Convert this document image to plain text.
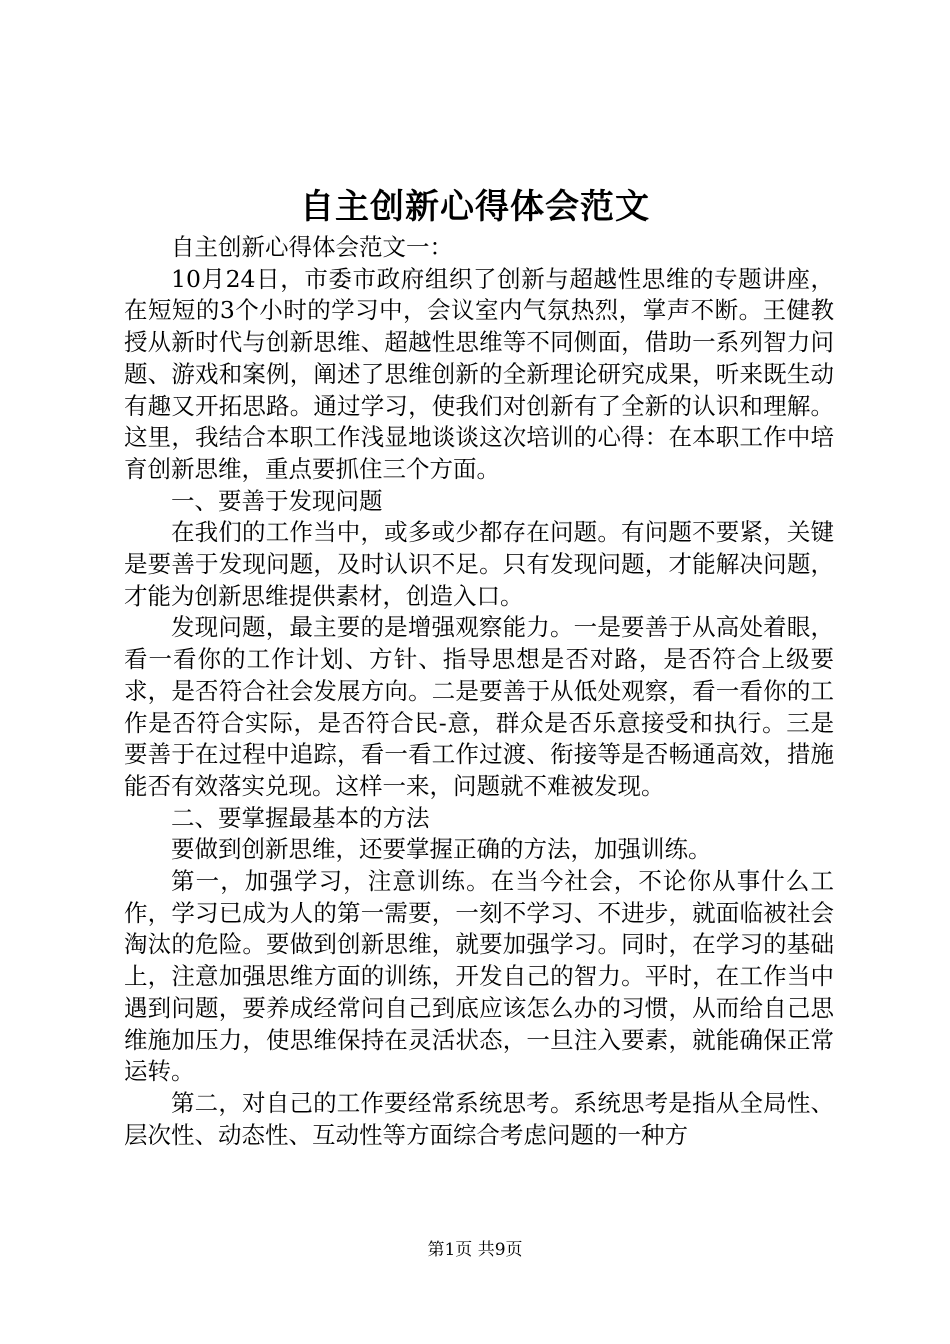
自主创新心得体会范文

自主创新心得体会范文一：

10月24日，市委市政府组织了创新与超越性思维的专题讲座，在短短的3个小时的学习中，会议室内气氛热烈，掌声不断。王健教授从新时代与创新思维、超越性思维等不同侧面，借助一系列智力问题、游戏和案例，阐述了思维创新的全新理论研究成果，听来既生动有趣又开拓思路。通过学习，使我们对创新有了全新的认识和理解。这里，我结合本职工作浅显地谈谈这次培训的心得：在本职工作中培育创新思维，重点要抓住三个方面。

一、要善于发现问题

在我们的工作当中，或多或少都存在问题。有问题不要紧，关键是要善于发现问题，及时认识不足。只有发现问题，才能解决问题，才能为创新思维提供素材，创造入口。

发现问题，最主要的是增强观察能力。一是要善于从高处着眼，看一看你的工作计划、方针、指导思想是否对路，是否符合上级要求，是否符合社会发展方向。二是要善于从低处观察，看一看你的工作是否符合实际，是否符合民-意，群众是否乐意接受和执行。三是要善于在过程中追踪，看一看工作过渡、衔接等是否畅通高效，措施能否有效落实兑现。这样一来，问题就不难被发现。

二、要掌握最基本的方法

要做到创新思维，还要掌握正确的方法，加强训练。

第一，加强学习，注意训练。在当今社会，不论你从事什么工作，学习已成为人的第一需要，一刻不学习、不进步，就面临被社会淘汰的危险。要做到创新思维，就要加强学习。同时，在学习的基础上，注意加强思维方面的训练，开发自己的智力。平时，在工作当中遇到问题，要养成经常问自己到底应该怎么办的习惯，从而给自己思维施加压力，使思维保持在灵活状态，一旦注入要素，就能确保正常运转。

第二，对自己的工作要经常系统思考。系统思考是指从全局性、层次性、动态性、互动性等方面综合考虑问题的一种方

第1页 共9页
